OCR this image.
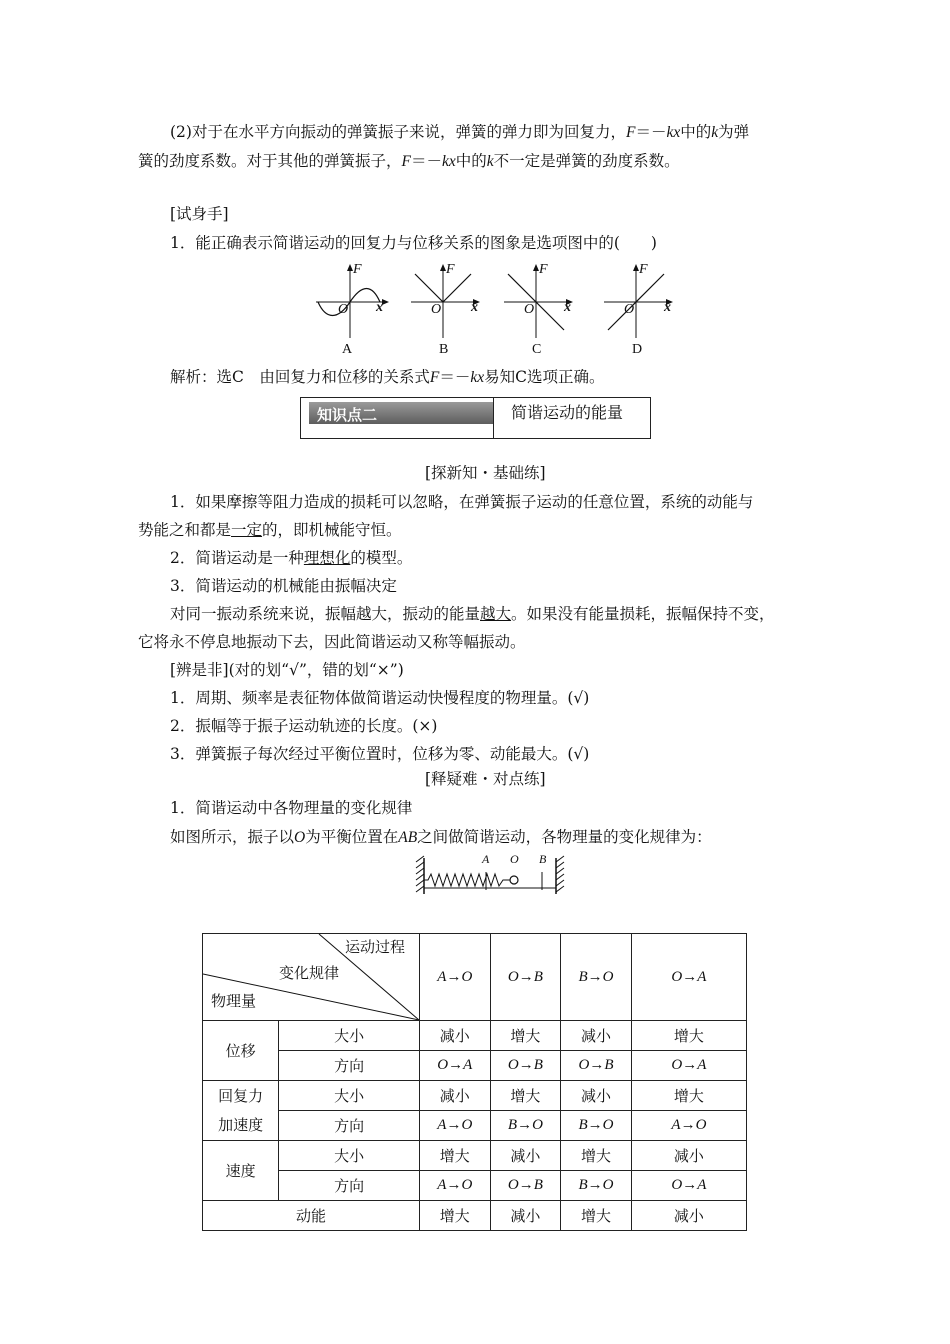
(2)对于在水平方向振动的弹簧振子来说，弹簧的弹力即为回复力，F＝－kx中的k为弹
簧的劲度系数。对于其他的弹簧振子，F＝－kx中的k不一定是弹簧的劲度系数。
[试身手]
1．能正确表示简谐运动的回复力与位移关系的图象是选项图中的(　　)
F
O x
A
F
O x
B
F
O x
C
F
O x
D
解析：选C　由回复力和位移的关系式F＝－kx易知C选项正确。
知识点二	简谐运动的能量
[探新知・基础练]
1．如果摩擦等阻力造成的损耗可以忽略，在弹簧振子运动的任意位置，系统的动能与
势能之和都是一定的，即机械能守恒。
2．简谐运动是一种理想化的模型。
3．简谐运动的机械能由振幅决定
对同一振动系统来说，振幅越大，振动的能量越大。如果没有能量损耗，振幅保持不变，
它将永不停息地振动下去，因此简谐运动又称等幅振动。
[辨是非](对的划“√”，错的划“×”)
1．周期、频率是表征物体做简谐运动快慢程度的物理量。(√)
2．振幅等于振子运动轨迹的长度。(×)
3．弹簧振子每次经过平衡位置时，位移为零、动能最大。(√)
[释疑难・对点练]
1．简谐运动中各物理量的变化规律
如图所示，振子以O为平衡位置在AB之间做简谐运动，各物理量的变化规律为：
A O B
运动过程
变化规律
物理量		A→O	O→B	B→O	O→A
位移	大小	减小	增大	减小	增大
	方向	O→A	O→B	O→B	O→A

回复力
加速度	大小	减小	增大	减小	增大
	方向	A→O	B→O	B→O	A→O
速度	大小	增大	减小	增大	减小
	方向	A→O	O→B	B→O	O→A
动能		增大	减小	增大	减小
